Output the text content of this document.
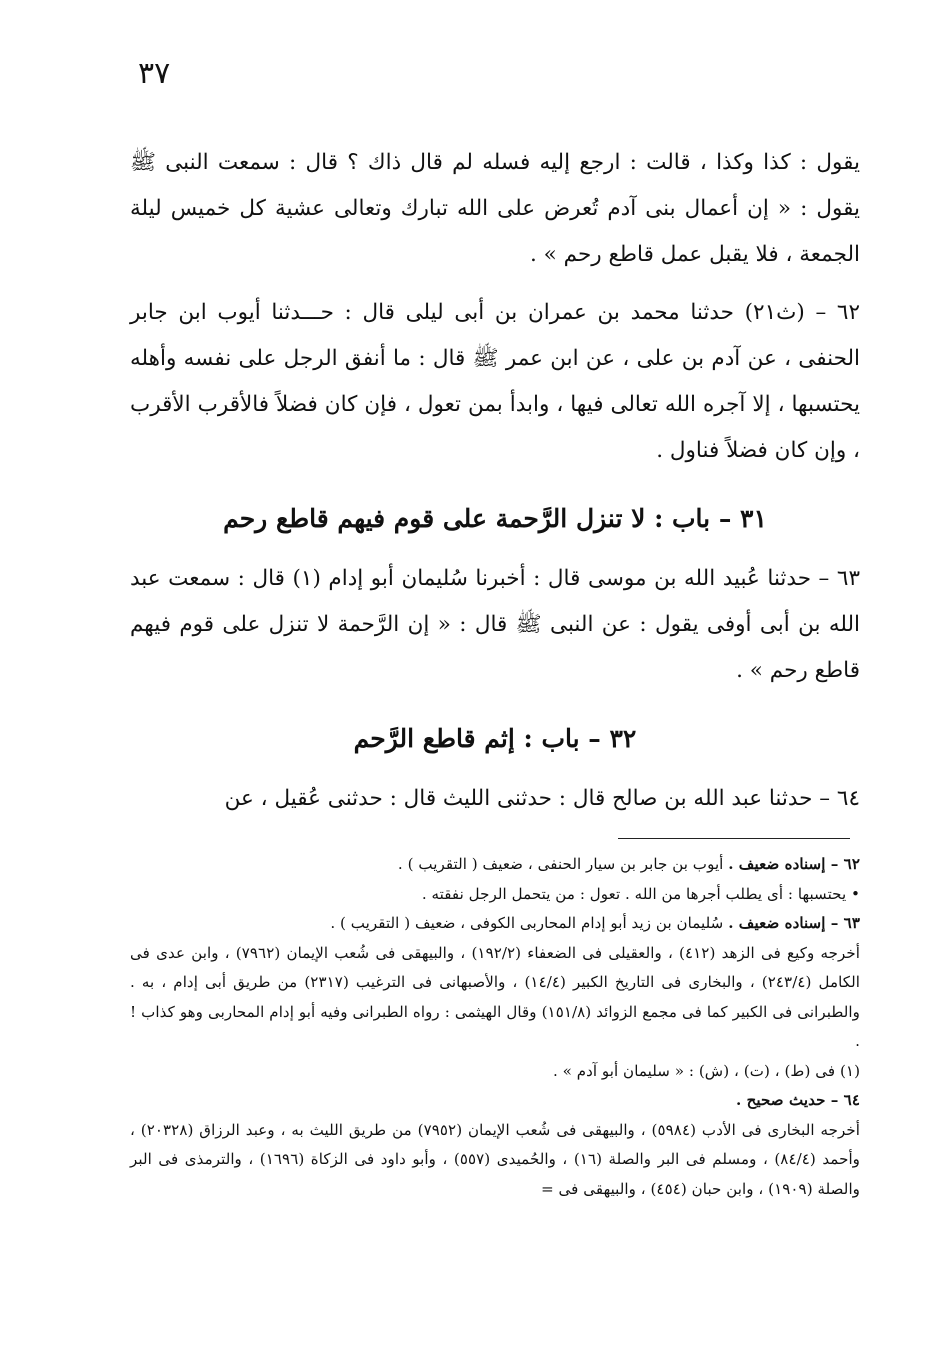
٣٧

يقول : كذا وكذا ، قالت : ارجع إليه فسله لم قال ذاك ؟ قال : سمعت النبى ﷺ يقول : « إن أعمال بنى آدم تُعرض على الله تبارك وتعالى عشية كل خميس ليلة الجمعة ، فلا يقبل عمل قاطع رحم » .

٦٢ – (ث٢١) حدثنا محمد بن عمران بن أبى ليلى قال : حـــدثنا أيوب ابن جابر الحنفى ، عن آدم بن على ، عن ابن عمر ﷺ قال : ما أنفق الرجل على نفسه وأهله يحتسبها ، إلا آجره الله تعالى فيها ، وابدأ بمن تعول ، فإن كان فضلاً فالأقرب الأقرب ، وإن كان فضلاً فناول .

٣١ – باب : لا تنزل الرَّحمة على قوم فيهم قاطع رحم

٦٣ – حدثنا عُبيد الله بن موسى قال : أخبرنا سُليمان أبو إدام (١) قال : سمعت عبد الله بن أبى أوفى يقول : عن النبى ﷺ قال : « إن الرَّحمة لا تنزل على قوم فيهم قاطع رحم » .

٣٢ – باب : إثم قاطع الرَّحم

٦٤ – حدثنا عبد الله بن صالح قال : حدثنى الليث قال : حدثنى عُقيل ، عن

٦٢ – إسناده ضعيف . أيوب بن جابر بن سيار الحنفى ، ضعيف ( التقريب ) .

• يحتسبها : أى يطلب أجرها من الله . تعول : من يتحمل الرجل نفقته .

٦٣ – إسناده ضعيف . سُليمان بن زيد أبو إدام المحاربى الكوفى ، ضعيف ( التقريب ) .

أخرجه وكيع فى الزهد (٤١٢) ، والعقيلى فى الضعفاء (١٩٢/٢) ، والبيهقى فى شُعب الإيمان (٧٩٦٢) ، وابن عدى فى الكامل (٢٤٣/٤) ، والبخارى فى التاريخ الكبير (١٤/٤) ، والأصبهانى فى الترغيب (٢٣١٧) من طريق أبى إدام ، به . والطبرانى فى الكبير كما فى مجمع الزوائد (١٥١/٨) وقال الهيثمى : رواه الطبرانى وفيه أبو إدام المحاربى وهو كذاب ! .

(١) فى (ط) ، (ت) ، (ش) : « سليمان أبو آدم » .

٦٤ – حديث صحيح .

أخرجه البخارى فى الأدب (٥٩٨٤) ، والبيهقى فى شُعب الإيمان (٧٩٥٢) من طريق الليث به ، وعبد الرزاق (٢٠٣٢٨) ، وأحمد (٨٤/٤) ، ومسلم فى البر والصلة (١٦) ، والحُميدى (٥٥٧) ، وأبو داود فى الزكاة (١٦٩٦) ، والترمذى فى البر والصلة (١٩٠٩) ، وابن حبان (٤٥٤) ، والبيهقى فى =
